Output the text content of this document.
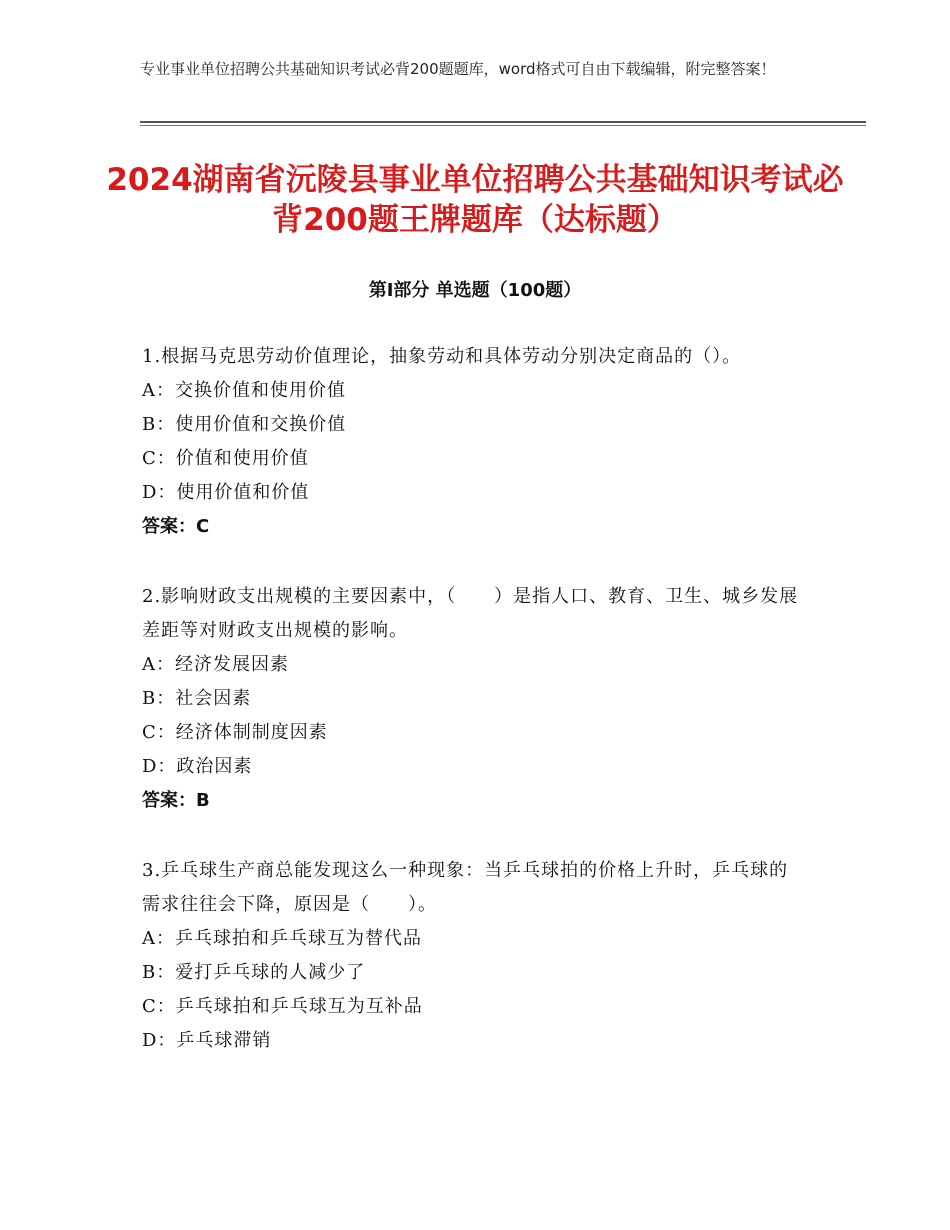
专业事业单位招聘公共基础知识考试必背200题题库，word格式可自由下载编辑，附完整答案！
2024湖南省沅陵县事业单位招聘公共基础知识考试必背200题王牌题库（达标题）
第Ⅰ部分 单选题（100题）
1.根据马克思劳动价值理论，抽象劳动和具体劳动分别决定商品的（）。
A：交换价值和使用价值
B：使用价值和交换价值
C：价值和使用价值
D：使用价值和价值
答案：C
2.影响财政支出规模的主要因素中，（　　）是指人口、教育、卫生、城乡发展差距等对财政支出规模的影响。
A：经济发展因素
B：社会因素
C：经济体制制度因素
D：政治因素
答案：B
3.乒乓球生产商总能发现这么一种现象：当乒乓球拍的价格上升时，乒乓球的需求往往会下降，原因是（　　）。
A：乒乓球拍和乒乓球互为替代品
B：爱打乒乓球的人减少了
C：乒乓球拍和乒乓球互为互补品
D：乒乓球滞销
